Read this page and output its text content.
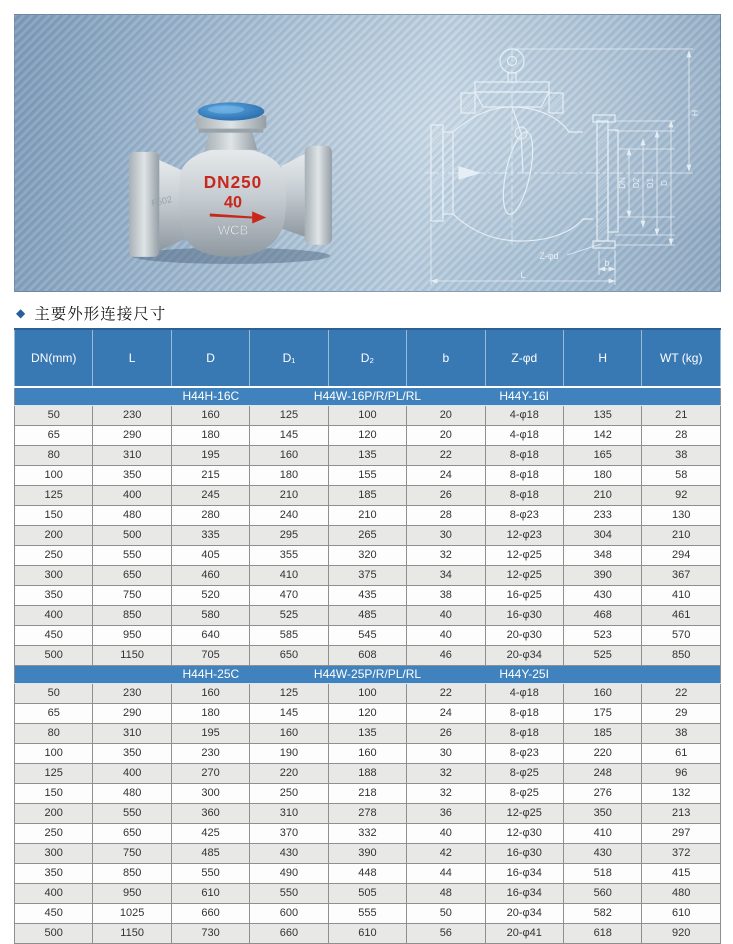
DN250
40
WCB
F502
H
DN D2 D1 D
Z-φd
b
L
◆ 主要外形连接尺寸
DN(mm)	L	D	D₁	D₂	b	Z-φd	H	WT (kg)

H44H-16C H44W-16P/R/PL/RL H44Y-16I								

50	230	160	125	100	20	4-φ18	135	21
65	290	180	145	120	20	4-φ18	142	28
80	310	195	160	135	22	8-φ18	165	38
100	350	215	180	155	24	8-φ18	180	58
125	400	245	210	185	26	8-φ18	210	92
150	480	280	240	210	28	8-φ23	233	130
200	500	335	295	265	30	12-φ23	304	210
250	550	405	355	320	32	12-φ25	348	294
300	650	460	410	375	34	12-φ25	390	367
350	750	520	470	435	38	16-φ25	430	410
400	850	580	525	485	40	16-φ30	468	461
450	950	640	585	545	40	20-φ30	523	570
500	1150	705	650	608	46	20-φ34	525	850

H44H-25C H44W-25P/R/PL/RL H44Y-25I								

50	230	160	125	100	22	4-φ18	160	22
65	290	180	145	120	24	8-φ18	175	29
80	310	195	160	135	26	8-φ18	185	38
100	350	230	190	160	30	8-φ23	220	61
125	400	270	220	188	32	8-φ25	248	96
150	480	300	250	218	32	8-φ25	276	132
200	550	360	310	278	36	12-φ25	350	213
250	650	425	370	332	40	12-φ30	410	297
300	750	485	430	390	42	16-φ30	430	372
350	850	550	490	448	44	16-φ34	518	415
400	950	610	550	505	48	16-φ34	560	480
450	1025	660	600	555	50	20-φ34	582	610
500	1150	730	660	610	56	20-φ41	618	920
